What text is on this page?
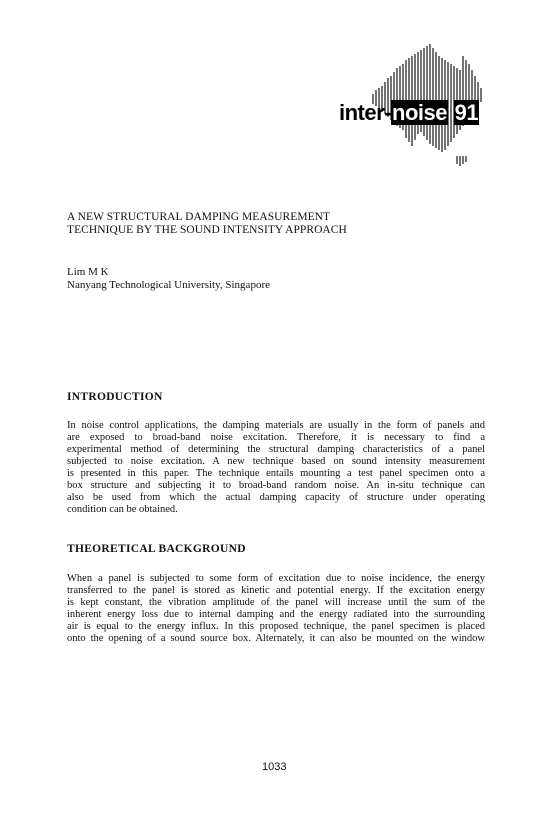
inter-noise 91
A NEW STRUCTURAL DAMPING MEASUREMENT
TECHNIQUE BY THE SOUND INTENSITY APPROACH
Lim M K
Nanyang Technological University, Singapore
INTRODUCTION
In noise control applications, the damping materials are usually in the form of panels and
are exposed to broad-band noise excitation. Therefore, it is necessary to find a
experimental method of determining the structural damping characteristics of a panel
subjected to noise excitation. A new technique based on sound intensity measurement
is presented in this paper. The technique entails mounting a test panel specimen onto a
box structure and subjecting it to broad-band random noise. An in-situ technique can
also be used from which the actual damping capacity of structure under operating
condition can be obtained.
THEORETICAL BACKGROUND
When a panel is subjected to some form of excitation due to noise incidence, the energy
transferred to the panel is stored as kinetic and potential energy. If the excitation energy
is kept constant, the vibration amplitude of the panel will increase until the sum of the
inherent energy loss due to internal damping and the energy radiated into the surrounding
air is equal to the energy influx. In this proposed technique, the panel specimen is placed
onto the opening of a sound source box. Alternately, it can also be mounted on the window
1033
